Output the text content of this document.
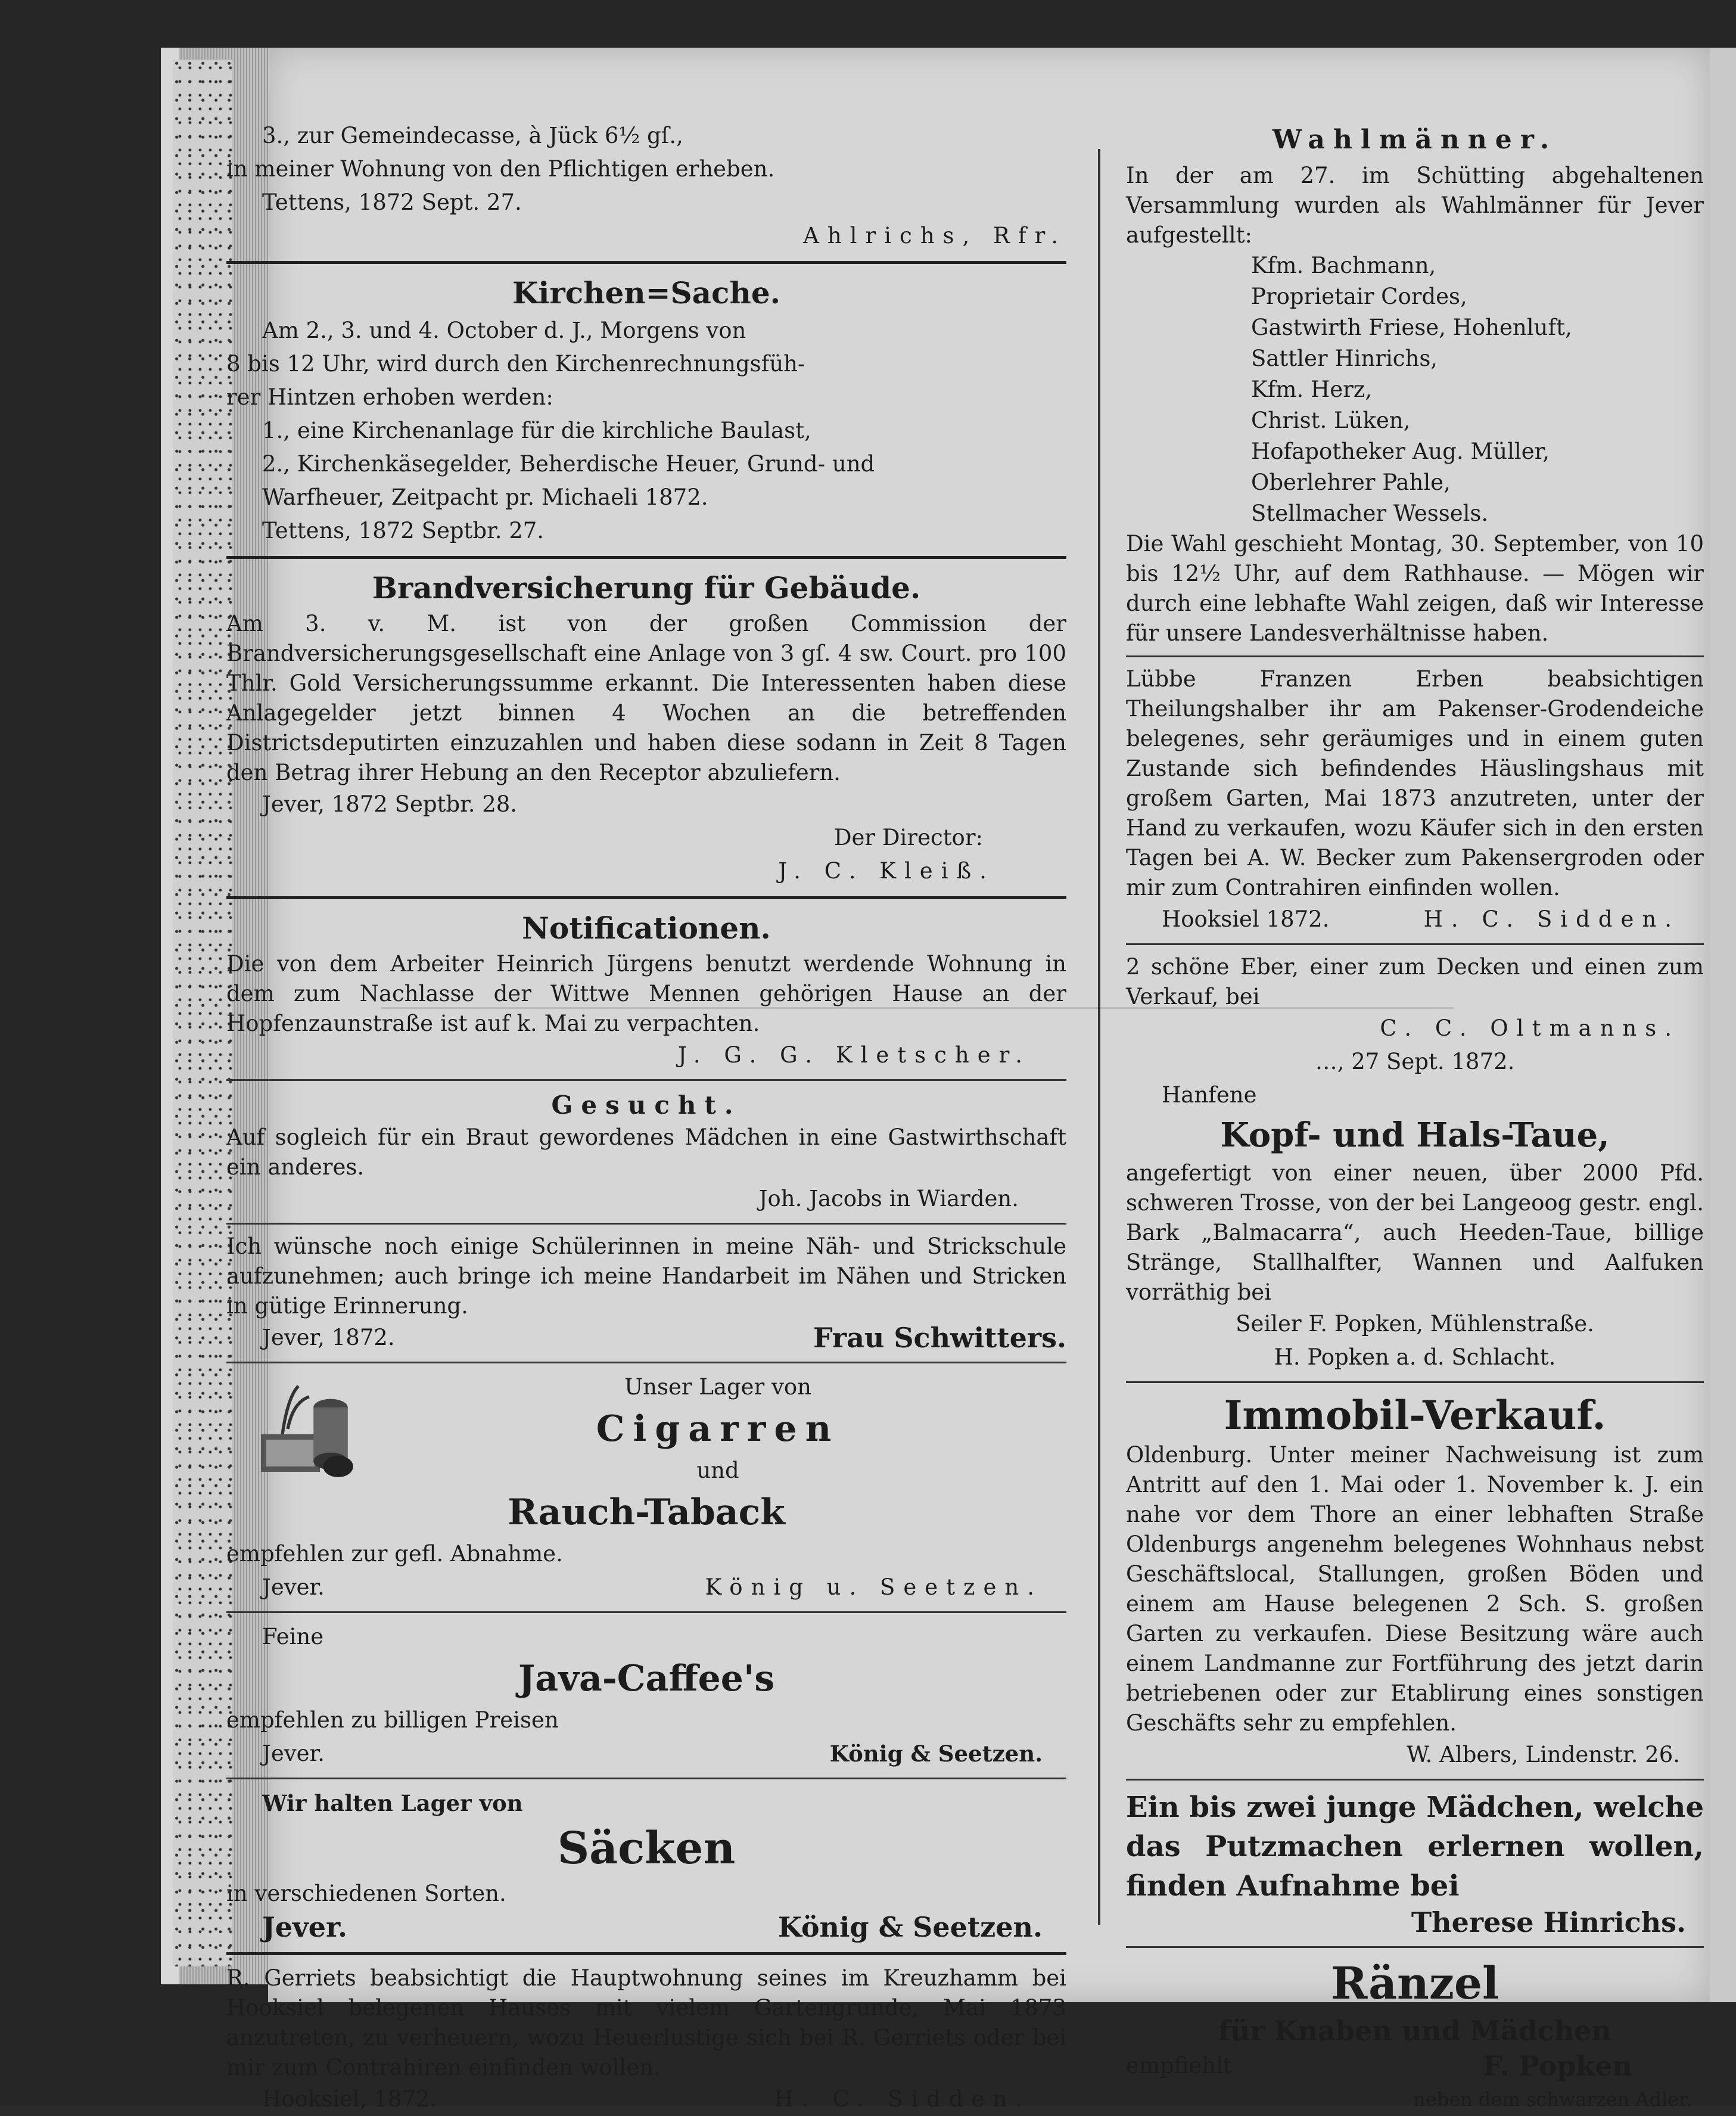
3., zur Gemeindecasse, à Jück 6½ gſ.,
in meiner Wohnung von den Pflichtigen erheben.
Tettens, 1872 Sept. 27.
Ahlrichs, Rfr.
Kirchen=Sache.
Am 2., 3. und 4. October d. J., Morgens von
8 bis 12 Uhr, wird durch den Kirchenrechnungsfüh-
rer Hintzen erhoben werden:
1., eine Kirchenanlage für die kirchliche Baulast,
2., Kirchenkäsegelder, Beherdische Heuer, Grund- und
Warfheuer, Zeitpacht pr. Michaeli 1872.
Tettens, 1872 Septbr. 27.
Brandversicherung für Gebäude.
Am 3. v. M. ist von der großen Commission der Brandversicherungsgesellschaft eine Anlage von 3 gſ. 4 sw. Court. pro 100 Thlr. Gold Versicherungssumme erkannt. Die Interessenten haben diese Anlagegelder jetzt binnen 4 Wochen an die betreffenden Districtsdeputirten einzuzahlen und haben diese sodann in Zeit 8 Tagen den Betrag ihrer Hebung an den Receptor abzuliefern.
Jever, 1872 Septbr. 28.
Der Director:
J. C. Kleiß.
Notificationen.
Die von dem Arbeiter Heinrich Jürgens benutzt werdende Wohnung in dem zum Nachlasse der Wittwe Mennen gehörigen Hause an der Hopfenzaunstraße ist auf k. Mai zu verpachten.
J. G. G. Kletscher.
Gesucht.
Auf sogleich für ein Braut gewordenes Mädchen in eine Gastwirthschaft ein anderes.
Joh. Jacobs in Wiarden.
Ich wünsche noch einige Schülerinnen in meine Näh- und Strickschule aufzunehmen; auch bringe ich meine Handarbeit im Nähen und Stricken in gütige Erinnerung.
Jever, 1872.	Frau Schwitters.
Unser Lager von
Cigarren
und
Rauch-Taback
empfehlen zur gefl. Abnahme.
Jever.	König u. Seetzen.
Feine
Java-Caffee's
empfehlen zu billigen Preisen
Jever.	König & Seetzen.
Wir halten Lager von
Säcken
in verschiedenen Sorten.
Jever.	König & Seetzen.
R. Gerriets beabsichtigt die Hauptwohnung seines im Kreuzhamm bei Hooksiel belegenen Hauses mit vielem Gartengrunde, Mai 1873 anzutreten, zu verheuern, wozu Heuerlustige sich bei R. Gerriets oder bei mir zum Contrahiren einfinden wollen.
Hooksiel, 1872.	H. C. Sidden.
Wahlmänner.
In der am 27. im Schütting abgehaltenen Versammlung wurden als Wahlmänner für Jever aufgestellt:
Kfm. Bachmann,
Proprietair Cordes,
Gastwirth Friese, Hohenluft,
Sattler Hinrichs,
Kfm. Herz,
Christ. Lüken,
Hofapotheker Aug. Müller,
Oberlehrer Pahle,
Stellmacher Wessels.
Die Wahl geschieht Montag, 30. September, von 10 bis 12½ Uhr, auf dem Rathhause. — Mögen wir durch eine lebhafte Wahl zeigen, daß wir Interesse für unsere Landesverhältnisse haben.
Lübbe Franzen Erben beabsichtigen Theilungshalber ihr am Pakenser-Grodendeiche belegenes, sehr geräumiges und in einem guten Zustande sich befindendes Häuslingshaus mit großem Garten, Mai 1873 anzutreten, unter der Hand zu verkaufen, wozu Käufer sich in den ersten Tagen bei A. W. Becker zum Pakensergroden oder mir zum Contrahiren einfinden wollen.
Hooksiel 1872.	H. C. Sidden.
2 schöne Eber, einer zum Decken und einen zum Verkauf, bei
C. C. Oltmanns.
…, 27 Sept. 1872.
Hanfene
Kopf- und Hals-Taue,
angefertigt von einer neuen, über 2000 Pfd. schweren Trosse, von der bei Langeoog gestr. engl. Bark „Balmacarra“, auch Heeden-Taue, billige Stränge, Stallhalfter, Wannen und Aalfuken vorräthig bei
Seiler F. Popken, Mühlenstraße.
H. Popken a. d. Schlacht.
Immobil-Verkauf.
Oldenburg. Unter meiner Nachweisung ist zum Antritt auf den 1. Mai oder 1. November k. J. ein nahe vor dem Thore an einer lebhaften Straße Oldenburgs angenehm belegenes Wohnhaus nebst Geschäftslocal, Stallungen, großen Böden und einem am Hause belegenen 2 Sch. S. großen Garten zu verkaufen. Diese Besitzung wäre auch einem Landmanne zur Fortführung des jetzt darin betriebenen oder zur Etablirung eines sonstigen Geschäfts sehr zu empfehlen.
W. Albers, Lindenstr. 26.
Ein bis zwei junge Mädchen, welche das Putzmachen erlernen wollen, finden Aufnahme bei
Therese Hinrichs.
Ränzel
für Knaben und Mädchen
empfiehlt	F. Popken
neben dem schwarzen Adler.
